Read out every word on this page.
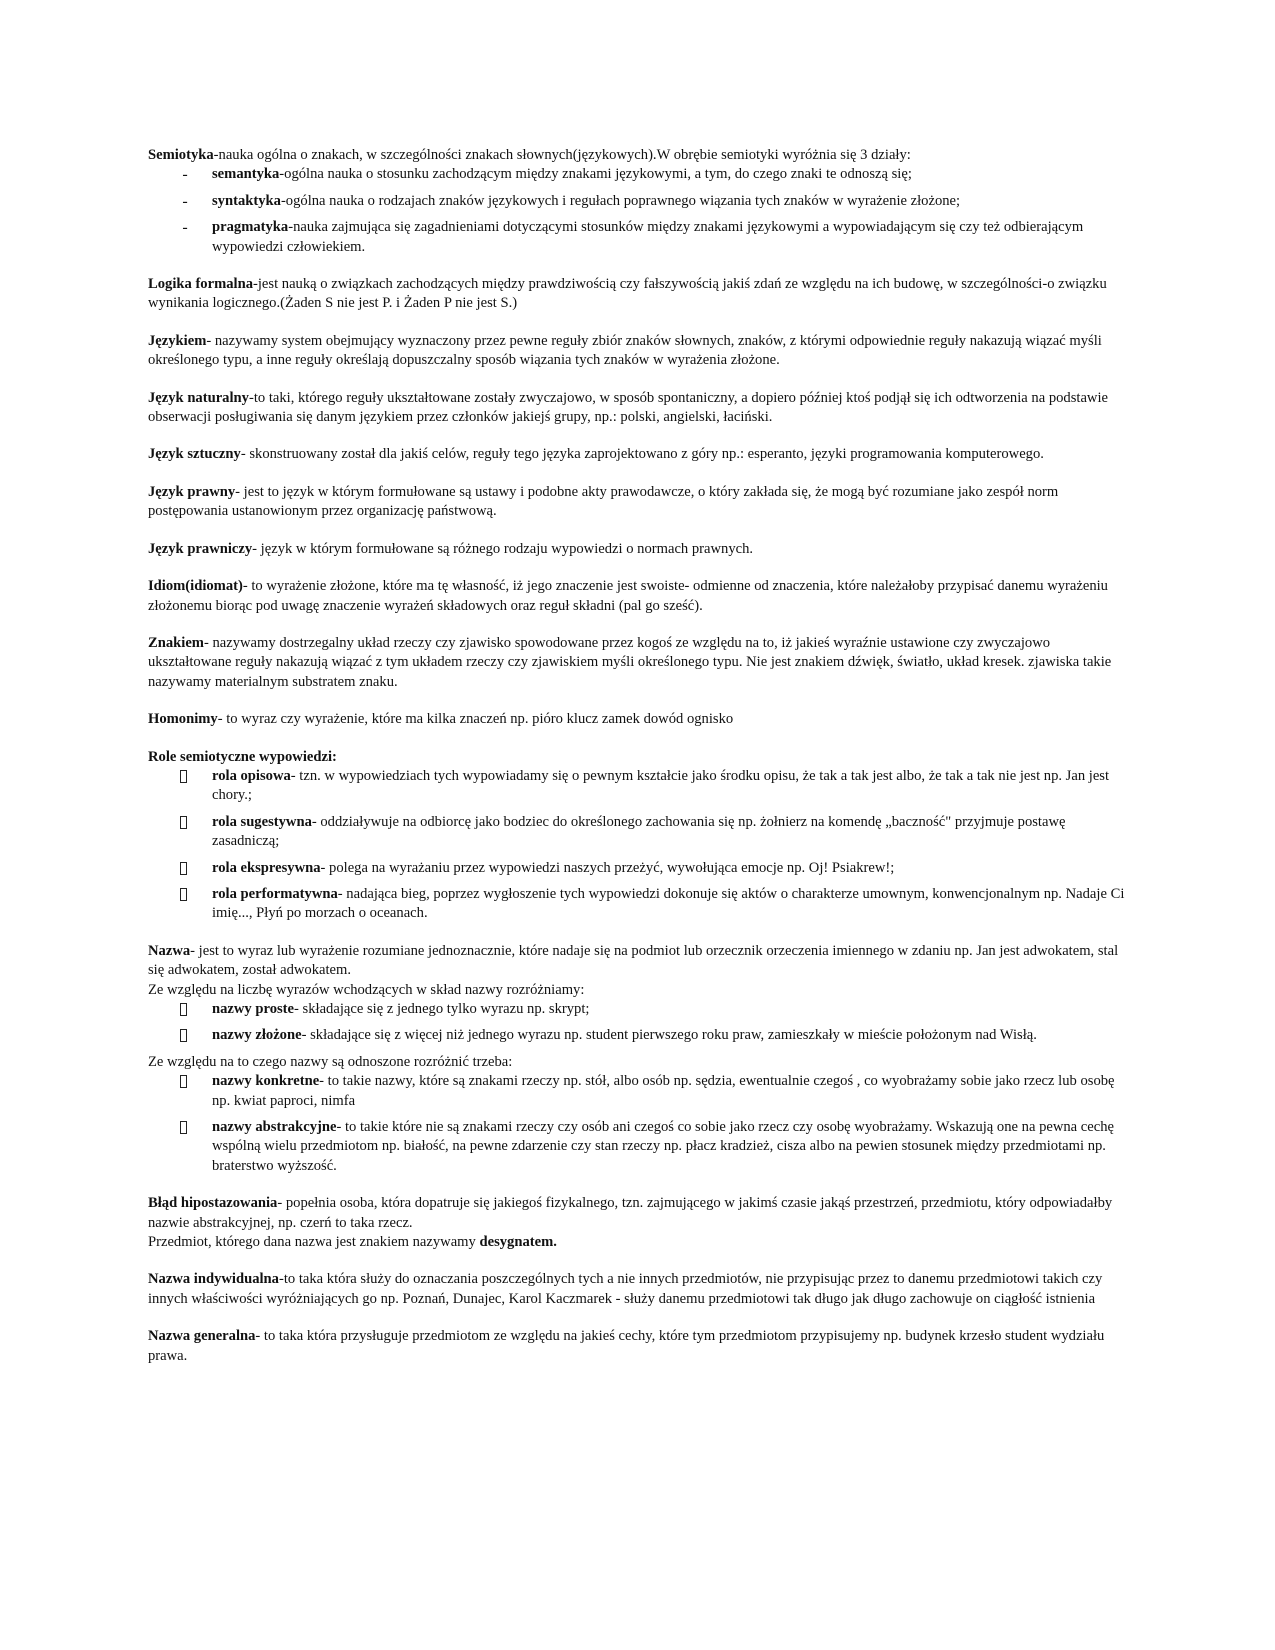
Semiotyka-nauka ogólna o znakach, w szczególności znakach słownych(językowych).W obrębie semiotyki wyróżnia się 3 działy:

- semantyka-ogólna nauka o stosunku zachodzącym między znakami językowymi, a tym, do czego znaki te odnoszą się;
- syntaktyka-ogólna nauka o rodzajach znaków językowych i regułach poprawnego wiązania tych znaków w wyrażenie złożone;
- pragmatyka-nauka zajmująca się zagadnieniami dotyczącymi stosunków między znakami językowymi a wypowiadającym się czy też odbierającym wypowiedzi człowiekiem.

Logika formalna-jest nauką o związkach zachodzących między prawdziwością czy fałszywością jakiś zdań ze względu na ich budowę, w szczególności-o związku wynikania logicznego.(Żaden S nie jest P. i Żaden P nie jest S.)

Językiem- nazywamy system obejmujący wyznaczony przez pewne reguły zbiór znaków słownych, znaków, z którymi odpowiednie reguły nakazują wiązać myśli określonego typu, a inne reguły określają dopuszczalny sposób wiązania tych znaków w wyrażenia złożone.

Język naturalny-to taki, którego reguły ukształtowane zostały zwyczajowo, w sposób spontaniczny, a dopiero później ktoś podjął się ich odtworzenia na podstawie obserwacji posługiwania się danym językiem przez członków jakiejś grupy, np.: polski, angielski, łaciński.

Język sztuczny- skonstruowany został dla jakiś celów, reguły tego języka zaprojektowano z góry np.: esperanto, języki programowania komputerowego.

Język prawny- jest to język w którym formułowane są ustawy i podobne akty prawodawcze, o który zakłada się, że mogą być rozumiane jako zespół norm postępowania ustanowionym przez organizację państwową.

Język prawniczy- język w którym formułowane są różnego rodzaju wypowiedzi o normach prawnych.

Idiom(idiomat)- to wyrażenie złożone, które ma tę własność, iż jego znaczenie jest swoiste- odmienne od znaczenia, które należałoby przypisać danemu wyrażeniu złożonemu biorąc pod uwagę znaczenie wyrażeń składowych oraz reguł składni (pal go sześć).

Znakiem- nazywamy dostrzegalny układ rzeczy czy zjawisko spowodowane przez kogoś ze względu na to, iż jakieś wyraźnie ustawione czy zwyczajowo ukształtowane reguły nakazują wiązać z tym układem rzeczy czy zjawiskiem myśli określonego typu. Nie jest znakiem dźwięk, światło, układ kresek. zjawiska takie nazywamy materialnym substratem znaku.

Homonimy- to wyraz czy wyrażenie, które ma kilka znaczeń np. pióro klucz zamek dowód ognisko

Role semiotyczne wypowiedzi:

rola opisowa- tzn. w wypowiedziach tych wypowiadamy się o pewnym kształcie jako środku opisu, że tak a tak jest albo, że tak a tak nie jest np. Jan jest chory.;
rola sugestywna- oddziaływuje na odbiorcę jako bodziec do określonego zachowania się np. żołnierz na komendę „baczność" przyjmuje postawę zasadniczą;
rola ekspresywna- polega na wyrażaniu przez wypowiedzi naszych przeżyć, wywołująca emocje np. Oj! Psiakrew!;
rola performatywna- nadająca bieg, poprzez wygłoszenie tych wypowiedzi dokonuje się aktów o charakterze umownym, konwencjonalnym np. Nadaje Ci imię..., Płyń po morzach o oceanach.

Nazwa- jest to wyraz lub wyrażenie rozumiane jednoznacznie, które nadaje się na podmiot lub orzecznik orzeczenia imiennego w zdaniu np. Jan jest adwokatem, stal się adwokatem, został adwokatem.

Ze względu na liczbę wyrazów wchodzących w skład nazwy rozróżniamy:

nazwy proste- składające się z jednego tylko wyrazu np. skrypt;
nazwy złożone- składające się z więcej niż jednego wyrazu np. student pierwszego roku praw, zamieszkały w mieście położonym nad Wisłą.

Ze względu na to czego nazwy są odnoszone rozróżnić trzeba:

nazwy konkretne- to takie nazwy, które są znakami rzeczy np. stół, albo osób np. sędzia, ewentualnie czegoś , co wyobrażamy sobie jako rzecz lub osobę np. kwiat paproci, nimfa
nazwy abstrakcyjne- to takie które nie są znakami rzeczy czy osób ani czegoś co sobie jako rzecz czy osobę wyobrażamy. Wskazują one na pewna cechę wspólną wielu przedmiotom np. białość, na pewne zdarzenie czy stan rzeczy np. płacz kradzież, cisza albo na pewien stosunek między przedmiotami np. braterstwo wyższość.

Błąd hipostazowania- popełnia osoba, która dopatruje się jakiegoś fizykalnego, tzn. zajmującego w jakimś czasie jakąś przestrzeń, przedmiotu, który odpowiadałby nazwie abstrakcyjnej, np. czerń to taka rzecz.

Przedmiot, którego dana nazwa jest znakiem nazywamy desygnatem.

Nazwa indywidualna-to taka która służy do oznaczania poszczególnych tych a nie innych przedmiotów, nie przypisując przez to danemu przedmiotowi takich czy innych właściwości wyróżniających go np. Poznań, Dunajec, Karol Kaczmarek - służy danemu przedmiotowi tak długo jak długo zachowuje on ciągłość istnienia

Nazwa generalna- to taka która przysługuje przedmiotom ze względu na jakieś cechy, które tym przedmiotom przypisujemy np. budynek krzesło student wydziału prawa.
